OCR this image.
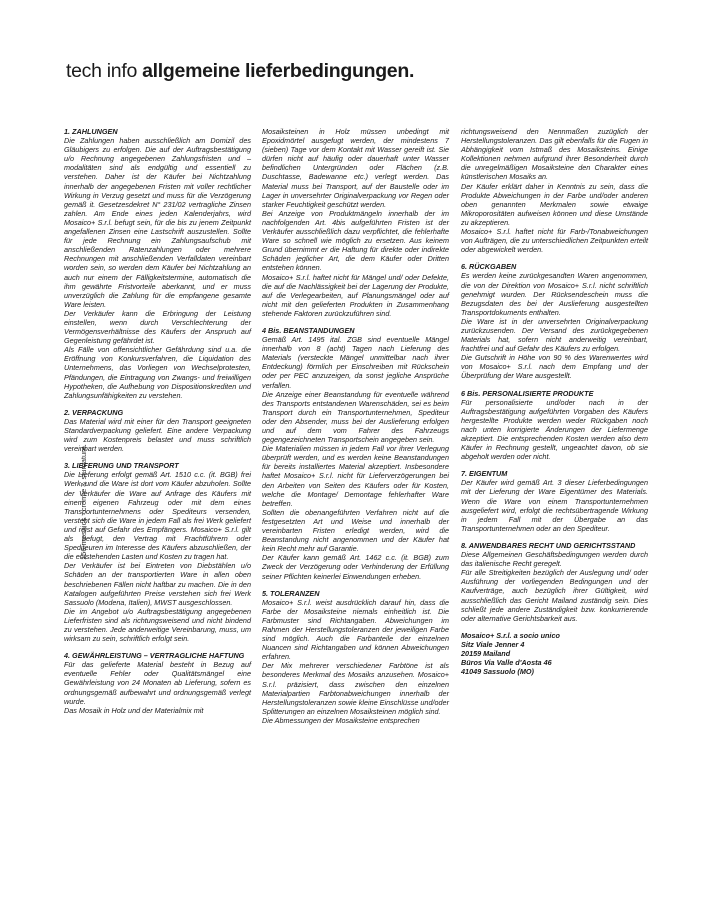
tech info allgemeine lieferbedingungen.
156 mosaics · cromie & sfumature.

1. ZAHLUNGEN

Die Zahlungen haben ausschließlich am Domizil des Gläubigers zu erfolgen. Die auf der Auftragsbestätigung u/o Rechnung angegebenen Zahlungsfristen und –modalitäten sind als endgültig und essentiell zu verstehen. Daher ist der Käufer bei Nichtzahlung innerhalb der angegebenen Fristen mit voller rechtlicher Wirkung in Verzug gesetzt und muss für die Verzögerung gemäß it. Gesetzesdekret N° 231/02 vertragliche Zinsen zahlen. Am Ende eines jeden Kalenderjahrs, wird Mosaico+ S.r.l. befugt sein, für die bis zu jenem Zeitpunkt angefallenen Zinsen eine Lastschrift auszustellen. Sollte für jede Rechnung ein Zahlungsaufschub mit anschließenden Ratenzahlungen oder mehrere Rechnungen mit anschließenden Verfalldaten vereinbart worden sein, so werden dem Käufer bei Nichtzahlung an auch nur einem der Fälligkeitstermine, automatisch die ihm gewährte Fristvorteile aberkannt, und er muss unverzüglich die Zahlung für die empfangene gesamte Ware leisten.

Der Verkäufer kann die Erbringung der Leistung einstellen, wenn durch Verschlechterung der Vermögensverhältnisse des Käufers der Anspruch auf Gegenleistung gefährdet ist.

Als Fälle von offensichtlicher Gefährdung sind u.a. die Eröffnung von Konkursverfahren, die Liquidation des Unternehmens, das Vorliegen von Wechselprotesten, Pfändungen, die Eintragung von Zwangs- und freiwilligen Hypotheken, die Aufhebung von Dispositionskrediten und Zahlungsunfähigkeiten zu verstehen.

2. VERPACKUNG

Das Material wird mit einer für den Transport geeigneten Standardverpackung geliefert. Eine andere Verpackung wird zum Kostenpreis belastet und muss schriftlich vereinbart werden.

3. LIEFERUNG UND TRANSPORT

Die Lieferung erfolgt gemäß Art. 1510 c.c. (it. BGB) frei Werk, und die Ware ist dort vom Käufer abzuholen. Sollte der Verkäufer die Ware auf Anfrage des Käufers mit einem eigenen Fahrzeug oder mit dem eines Transportunternehmens oder Spediteurs versenden, versteht sich die Ware in jedem Fall als frei Werk geliefert und reist auf Gefahr des Empfängers. Mosaico+ S.r.l. gilt als befugt, den Vertrag mit Frachtführern oder Spediteuren im Interesse des Käufers abzuschließen, der die entstehenden Lasten und Kosten zu tragen hat.

Der Verkäufer ist bei Eintreten von Diebstählen u/o Schäden an der transportierten Ware in allen oben beschriebenen Fällen nicht haftbar zu machen. Die in den Katalogen aufgeführten Preise verstehen sich frei Werk Sassuolo (Modena, Italien), MWST ausgeschlossen.

Die im Angebot u/o Auftragsbestätigung angegebenen Lieferfristen sind als richtungsweisend und nicht bindend zu verstehen. Jede anderweitige Vereinbarung, muss, um wirksam zu sein, schriftlich erfolgt sein.

4. GEWÄHRLEISTUNG – VERTRAGLICHE HAFTUNG

Für das gelieferte Material besteht in Bezug auf eventuelle Fehler oder Qualitätsmängel eine Gewährleistung von 24 Monaten ab Lieferung, sofern es ordnungsgemäß aufbewahrt und ordnungsgemäß verlegt wurde.

Das Mosaik in Holz und der Materialmix mit

Mosaiksteinen in Holz müssen unbedingt mit Epoxidmörtel ausgefugt werden, der mindestens 7 (sieben) Tage vor dem Kontakt mit Wasser gereift ist. Sie dürfen nicht auf häufig oder dauerhaft unter Wasser befindlichen Untergründen oder Flächen (z.B. Duschtasse, Badewanne etc.) verlegt werden. Das Material muss bei Transport, auf der Baustelle oder im Lager in unversehrter Originalverpackung vor Regen oder starker Feuchtigkeit geschützt werden.

Bei Anzeige von Produktmängeln innerhalb der im nachfolgenden Art. 4bis aufgeführten Fristen ist der Verkäufer ausschließlich dazu verpflichtet, die fehlerhafte Ware so schnell wie möglich zu ersetzen. Aus keinem Grund übernimmt er die Haftung für direkte oder indirekte Schäden jeglicher Art, die dem Käufer oder Dritten entstehen können.

Mosaico+ S.r.l. haftet nicht für Mängel und/ oder Defekte, die auf die Nachlässigkeit bei der Lagerung der Produkte, auf die Verlegearbeiten, auf Planungsmängel oder auf nicht mit den gelieferten Produkten in Zusammenhang stehende Faktoren zurückzuführen sind.

4 Bis. BEANSTANDUNGEN

Gemäß Art. 1495 ital. ZGB sind eventuelle Mängel innerhalb von 8 (acht) Tagen nach Lieferung des Materials (versteckte Mängel unmittelbar nach ihrer Entdeckung) förmlich per Einschreiben mit Rückschein oder per PEC anzuzeigen, da sonst jegliche Ansprüche verfallen.

Die Anzeige einer Beanstandung für eventuelle während des Transports entstandenen Warenschäden, sei es beim Transport durch ein Transportunternehmen, Spediteur oder den Absender, muss bei der Auslieferung erfolgen und auf dem vom Fahrer des Fahrzeugs gegengezeichneten Transportschein angegeben sein.

Die Materialien müssen in jedem Fall vor ihrer Verlegung überprüft werden, und es werden keine Beanstandungen für bereits installiertes Material akzeptiert. Insbesondere haftet Mosaico+ S.r.l. nicht für Lieferverzögerungen bei den Arbeiten von Seiten des Käufers oder für Kosten, welche die Montage/ Demontage fehlerhafter Ware betreffen.

Sollten die obenangeführten Verfahren nicht auf die festgesetzten Art und Weise und innerhalb der vereinbarten Fristen erledigt werden, wird die Beanstandung nicht angenommen und der Käufer hat kein Recht mehr auf Garantie.

Der Käufer kann gemäß Art. 1462 c.c. (it. BGB) zum Zweck der Verzögerung oder Verhinderung der Erfüllung seiner Pflichten keinerlei Einwendungen erheben.

5. TOLERANZEN

Mosaico+ S.r.l. weist ausdrücklich darauf hin, dass die Farbe der Mosaiksteine niemals einheitlich ist. Die Farbmuster sind Richtangaben. Abweichungen im Rahmen der Herstellungstoleranzen der jeweiligen Farbe sind möglich. Auch die Farbanteile der einzelnen Nuancen sind Richtangaben und können Abweichungen erfahren.

Der Mix mehrerer verschiedener Farbtöne ist als besonderes Merkmal des Mosaiks anzusehen. Mosaico+ S.r.l. präzisiert, dass zwischen den einzelnen Materialpartien Farbtonabweichungen innerhalb der Herstellungstoleranzen sowie kleine Einschlüsse und/oder Splitterungen an einzelnen Mosaiksteinen möglich sind.

Die Abmessungen der Mosaiksteine entsprechen

richtungsweisend den Nennmaßen zuzüglich der Herstellungstoleranzen. Das gilt ebenfalls für die Fugen in Abhängigkeit vom Istmaß des Mosaiksteins. Einige Kollektionen nehmen aufgrund ihrer Besonderheit durch die unregelmäßigen Mosaiksteine den Charakter eines künstlerischen Mosaiks an.

Der Käufer erklärt daher in Kenntnis zu sein, dass die Produkte Abweichungen in der Farbe und/oder anderen oben genannten Merkmalen sowie etwaige Mikroporositäten aufweisen können und diese Umstände zu akzeptieren.

Mosaico+ S.r.l. haftet nicht für Farb-/Tonabweichungen von Aufträgen, die zu unterschiedlichen Zeitpunkten erteilt oder abgewickelt werden.

6. RÜCKGABEN

Es werden keine zurückgesandten Waren angenommen, die von der Direktion von Mosaico+ S.r.l. nicht schriftlich genehmigt wurden. Der Rücksendeschein muss die Bezugsdaten des bei der Auslieferung ausgestellten Transportdokuments enthalten.

Die Ware ist in der unversehrten Originalverpackung zurückzusenden. Der Versand des zurückgegebenen Materials hat, sofern nicht anderweitig vereinbart, frachtfrei und auf Gefahr des Käufers zu erfolgen.

Die Gutschrift in Höhe von 90 % des Warenwertes wird von Mosaico+ S.r.l. nach dem Empfang und der Überprüfung der Ware ausgestellt.

6 Bis. PERSONALISIERTE PRODUKTE

Für personalisierte und/oder nach in der Auftragsbestätigung aufgeführten Vorgaben des Käufers hergestellte Produkte werden weder Rückgaben noch nach unten korrigierte Änderungen der Liefermenge akzeptiert. Die entsprechenden Kosten werden also dem Käufer in Rechnung gestellt, ungeachtet davon, ob sie abgeholt werden oder nicht.

7. EIGENTUM

Der Käufer wird gemäß Art. 3 dieser Lieferbedingungen mit der Lieferung der Ware Eigentümer des Materials. Wenn die Ware von einem Transportunternehmen ausgeliefert wird, erfolgt die rechtsübertragende Wirkung in jedem Fall mit der Übergabe an das Transportunternehmen oder an den Spediteur.

8. ANWENDBARES RECHT UND GERICHTSSTAND

Diese Allgemeinen Geschäftsbedingungen werden durch das italienische Recht geregelt.

Für alle Streitigkeiten bezüglich der Auslegung und/ oder Ausführung der vorliegenden Bedingungen und der Kaufverträge, auch bezüglich ihrer Gültigkeit, wird ausschließlich das Gericht Mailand zuständig sein. Dies schließt jede andere Zuständigkeit bzw. konkurrierende oder alternative Gerichtsbarkeit aus.

Mosaico+ S.r.l. a socio unico

Sitz Viale Jenner 4

20159 Mailand

Büros Via Valle d'Aosta 46

41049 Sassuolo (MO)
